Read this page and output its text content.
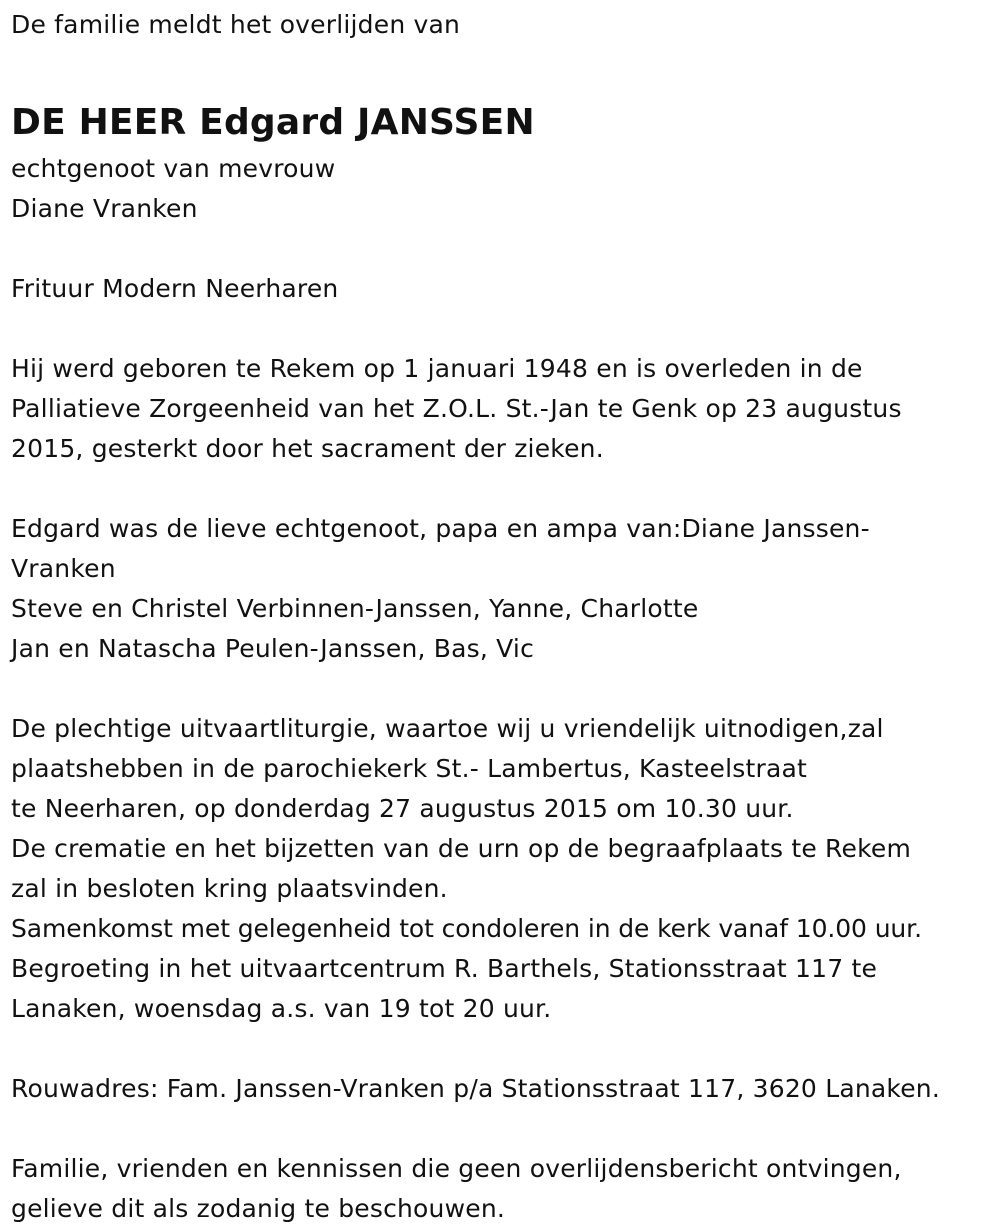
De familie meldt het overlijden van
DE HEER Edgard JANSSEN
echtgenoot van mevrouw
Diane Vranken
Frituur Modern Neerharen
Hij werd geboren te Rekem op 1 januari 1948 en is overleden in de
Palliatieve Zorgeenheid van het Z.O.L. St.-Jan te Genk op 23 augustus
2015, gesterkt door het sacrament der zieken.
Edgard was de lieve echtgenoot, papa en ampa van:Diane Janssen-
Vranken
Steve en Christel Verbinnen-Janssen, Yanne, Charlotte
Jan en Natascha Peulen-Janssen, Bas, Vic
De plechtige uitvaartliturgie, waartoe wij u vriendelijk uitnodigen,zal
plaatshebben in de parochiekerk St.- Lambertus, Kasteelstraat
te Neerharen, op donderdag 27 augustus 2015 om 10.30 uur.
De crematie en het bijzetten van de urn op de begraafplaats te Rekem
zal in besloten kring plaatsvinden.
Samenkomst met gelegenheid tot condoleren in de kerk vanaf 10.00 uur.
Begroeting in het uitvaartcentrum R. Barthels, Stationsstraat 117 te
Lanaken, woensdag a.s. van 19 tot 20 uur.
Rouwadres: Fam. Janssen-Vranken p/a Stationsstraat 117, 3620 Lanaken.
Familie, vrienden en kennissen die geen overlijdensbericht ontvingen,
gelieve dit als zodanig te beschouwen.
